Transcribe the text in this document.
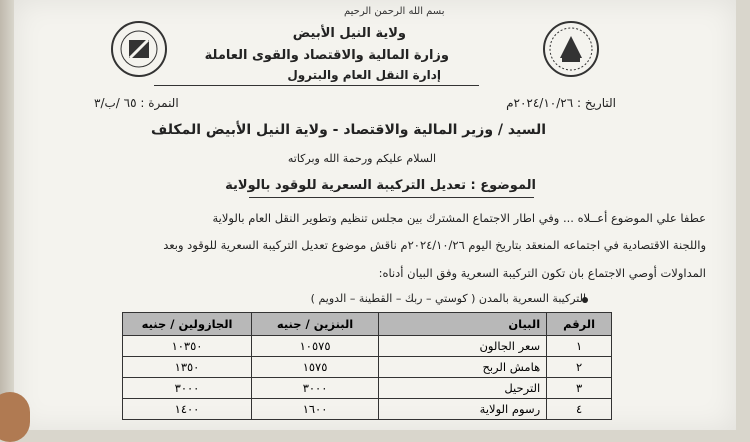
بسم الله الرحمن الرحيم
ولاية النيل الأبيض
وزارة المالية والاقتصاد والقوى العاملة
إدارة النقل العام والبترول
التاريخ : ٢٠٢٤/١٠/٢٦م
النمرة : ٦٥ /ب/٣
السيد / وزير المالية والاقتصاد - ولاية النيل الأبيض المكلف
السلام عليكم ورحمة الله وبركاته
الموضوع : تعديل التركيبة السعرية للوقود بالولاية
عطفا علي الموضوع أعــلاه ... وفي اطار الاجتماع المشترك بين مجلس تنظيم وتطوير النقل العام بالولاية
واللجنة الاقتصادية في اجتماعه المنعقد بتاريخ اليوم ٢٠٢٤/١٠/٢٦م ناقش موضوع تعديل التركيبة السعرية للوقود وبعد
المداولات أوصي الاجتماع بان تكون التركيبة السعرية وفق البيان أدناه:
التركيبة السعرية بالمدن ( كوستي – ربك – القطينة – الدويم )
الرقم	البيان	البنزين / جنيه	الجازولين / جنيه
١	سعر الجالون	١٠٥٧٥	١٠٣٥٠
٢	هامش الربح	١٥٧٥	١٣٥٠
٣	الترحيل	٣٠٠٠	٣٠٠٠
٤	رسوم الولاية	١٦٠٠	١٤٠٠
